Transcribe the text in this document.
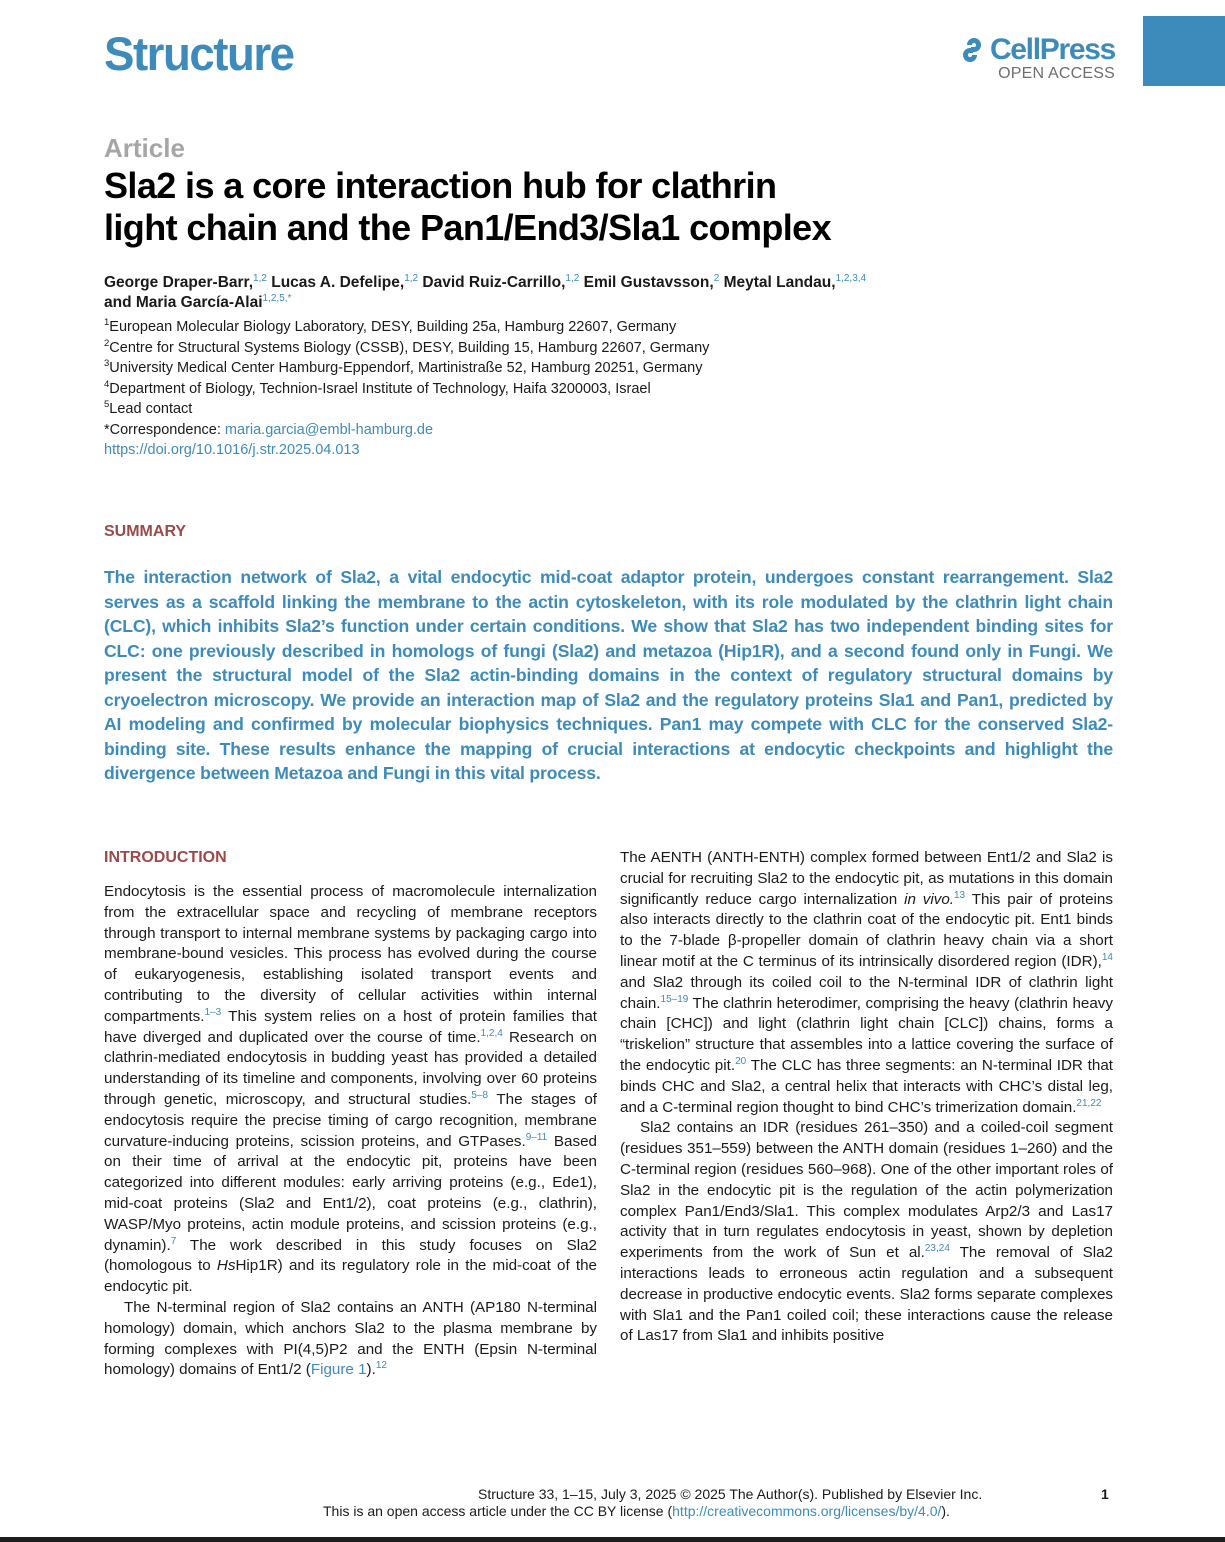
Structure	CellPress
OPEN ACCESS
Article
Sla2 is a core interaction hub for clathrin
light chain and the Pan1/End3/Sla1 complex
George Draper-Barr,$^{1,2}$ Lucas A. Defelipe,$^{1,2}$ David Ruiz-Carrillo,$^{1,2}$ Emil Gustavsson,$^2$ Meytal Landau,$^{1,2,3,4}$
and Maria García-Alai$^{1,2,5,*}$
$^1$European Molecular Biology Laboratory, DESY, Building 25a, Hamburg 22607, Germany
$^2$Centre for Structural Systems Biology (CSSB), DESY, Building 15, Hamburg 22607, Germany
$^3$University Medical Center Hamburg-Eppendorf, Martinistraße 52, Hamburg 20251, Germany
$^4$Department of Biology, Technion-Israel Institute of Technology, Haifa 3200003, Israel
$^5$Lead contact
*Correspondence: maria.garcia@embl-hamburg.de
https://doi.org/10.1016/j.str.2025.04.013
SUMMARY
The interaction network of Sla2, a vital endocytic mid-coat adaptor protein, undergoes constant rearrangement. Sla2 serves as a scaffold linking the membrane to the actin cytoskeleton, with its role modulated by the clathrin light chain (CLC), which inhibits Sla2’s function under certain conditions. We show that Sla2 has two independent binding sites for CLC: one previously described in homologs of fungi (Sla2) and metazoa (Hip1R), and a second found only in Fungi. We present the structural model of the Sla2 actin-binding domains in the context of regulatory structural domains by cryoelectron microscopy. We provide an interaction map of Sla2 and the regulatory proteins Sla1 and Pan1, predicted by AI modeling and confirmed by molecular biophysics techniques. Pan1 may compete with CLC for the conserved Sla2-binding site. These results enhance the mapping of crucial interactions at endocytic checkpoints and highlight the divergence between Metazoa and Fungi in this vital process.
INTRODUCTION

Endocytosis is the essential process of macromolecule internalization from the extracellular space and recycling of membrane receptors through transport to internal membrane systems by packaging cargo into membrane-bound vesicles. This process has evolved during the course of eukaryogenesis, establishing isolated transport events and contributing to the diversity of cellular activities within internal compartments.$^{1-3}$ This system relies on a host of protein families that have diverged and duplicated over the course of time.$^{1,2,4}$ Research on clathrin-mediated endocytosis in budding yeast has provided a detailed understanding of its timeline and components, involving over 60 proteins through genetic, microscopy, and structural studies.$^{5-8}$ The stages of endocytosis require the precise timing of cargo recognition, membrane curvature-inducing proteins, scission proteins, and GTPases.$^{9-11}$ Based on their time of arrival at the endocytic pit, proteins have been categorized into different modules: early arriving proteins (e.g., Ede1), mid-coat proteins (Sla2 and Ent1/2), coat proteins (e.g., clathrin), WASP/Myo proteins, actin module proteins, and scission proteins (e.g., dynamin).$^7$ The work described in this study focuses on Sla2 (homologous to HsHip1R) and its regulatory role in the mid-coat of the endocytic pit.

The N-terminal region of Sla2 contains an ANTH (AP180 N-terminal homology) domain, which anchors Sla2 to the plasma membrane by forming complexes with PI(4,5)P2 and the ENTH (Epsin N-terminal homology) domains of Ent1/2 (Figure 1).$^{12}$

The AENTH (ANTH-ENTH) complex formed between Ent1/2 and Sla2 is crucial for recruiting Sla2 to the endocytic pit, as mutations in this domain significantly reduce cargo internalization in vivo.$^{13}$ This pair of proteins also interacts directly to the clathrin coat of the endocytic pit. Ent1 binds to the 7-blade β-propeller domain of clathrin heavy chain via a short linear motif at the C terminus of its intrinsically disordered region (IDR),$^{14}$ and Sla2 through its coiled coil to the N-terminal IDR of clathrin light chain.$^{15-19}$ The clathrin heterodimer, comprising the heavy (clathrin heavy chain [CHC]) and light (clathrin light chain [CLC]) chains, forms a “triskelion” structure that assembles into a lattice covering the surface of the endocytic pit.$^{20}$ The CLC has three segments: an N-terminal IDR that binds CHC and Sla2, a central helix that interacts with CHC’s distal leg, and a C-terminal region thought to bind CHC’s trimerization domain.$^{21,22}$

Sla2 contains an IDR (residues 261–350) and a coiled-coil segment (residues 351–559) between the ANTH domain (residues 1–260) and the C-terminal region (residues 560–968). One of the other important roles of Sla2 in the endocytic pit is the regulation of the actin polymerization complex Pan1/End3/Sla1. This complex modulates Arp2/3 and Las17 activity that in turn regulates endocytosis in yeast, shown by depletion experiments from the work of Sun et al.$^{23,24}$ The removal of Sla2 interactions leads to erroneous actin regulation and a subsequent decrease in productive endocytic events. Sla2 forms separate complexes with Sla1 and the Pan1 coiled coil; these interactions cause the release of Las17 from Sla1 and inhibits positive

Structure 33, 1–15, July 3, 2025 © 2025 The Author(s). Published by Elsevier Inc.	1
This is an open access article under the CC BY license (http://creativecommons.org/licenses/by/4.0/).
